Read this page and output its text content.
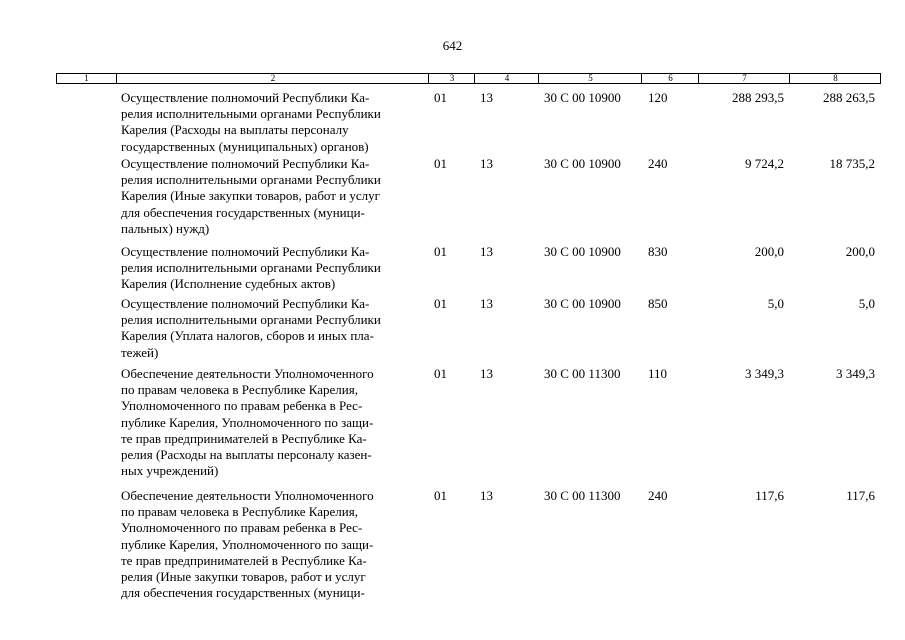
642
1	2	3	4	5	6	7	8
Осуществление полномочий Республики Ка-
релия исполнительными органами Республики
Карелия (Расходы на выплаты персоналу
государственных (муниципальных) органов)
01	13	30 С 00 10900 120	288 293,5	288 263,5
Осуществление полномочий Республики Ка-
релия исполнительными органами Республики
Карелия (Иные закупки товаров, работ и услуг
для обеспечения государственных (муници-
пальных) нужд)
01	13	30 С 00 10900 240	9 724,2	18 735,2
Осуществление полномочий Республики Ка-
релия исполнительными органами Республики
Карелия (Исполнение судебных актов)
01	13	30 С 00 10900 830	200,0	200,0
Осуществление полномочий Республики Ка-
релия исполнительными органами Республики
Карелия (Уплата налогов, сборов и иных пла-
тежей)
01	13	30 С 00 10900 850	5,0	5,0
Обеспечение деятельности Уполномоченного
по правам человека в Республике Карелия,
Уполномоченного по правам ребенка в Рес-
публике Карелия, Уполномоченного по защи-
те прав предпринимателей в Республике Ка-
релия (Расходы на выплаты персоналу казен-
ных учреждений)
01	13	30 С 00 11300 110	3 349,3	3 349,3
Обеспечение деятельности Уполномоченного
по правам человека в Республике Карелия,
Уполномоченного по правам ребенка в Рес-
публике Карелия, Уполномоченного по защи-
те прав предпринимателей в Республике Ка-
релия (Иные закупки товаров, работ и услуг
для обеспечения государственных (муници-
01	13	30 С 00 11300 240	117,6	117,6
